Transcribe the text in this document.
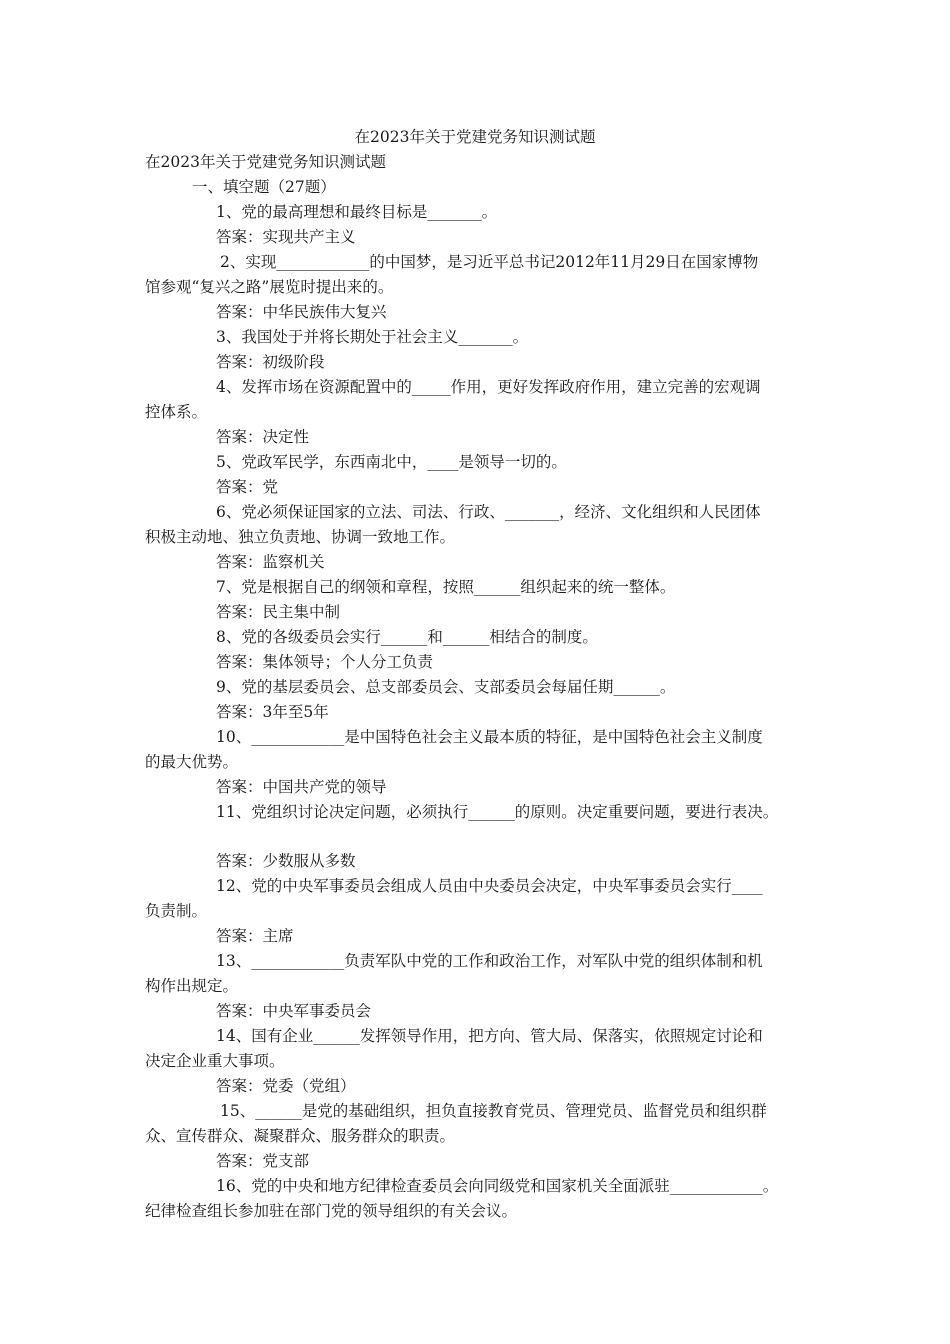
在2023年关于党建党务知识测试题

在2023年关于党建党务知识测试题

一、填空题（27题）

1、党的最高理想和最终目标是_______。

答案：实现共产主义

2、实现____________的中国梦，是习近平总书记2012年11月29日在国家博物

馆参观“复兴之路”展览时提出来的。

答案：中华民族伟大复兴

3、我国处于并将长期处于社会主义_______。

答案：初级阶段

4、发挥市场在资源配置中的_____作用，更好发挥政府作用，建立完善的宏观调

控体系。

答案：决定性

5、党政军民学，东西南北中，____是领导一切的。

答案：党

6、党必须保证国家的立法、司法、行政、_______，经济、文化组织和人民团体

积极主动地、独立负责地、协调一致地工作。

答案：监察机关

7、党是根据自己的纲领和章程，按照______组织起来的统一整体。

答案：民主集中制

8、党的各级委员会实行______和______相结合的制度。

答案：集体领导；个人分工负责

9、党的基层委员会、总支部委员会、支部委员会每届任期______。

答案：3年至5年

10、____________是中国特色社会主义最本质的特征，是中国特色社会主义制度

的最大优势。

答案：中国共产党的领导

11、党组织讨论决定问题，必须执行______的原则。决定重要问题，要进行表决。

答案：少数服从多数

12、党的中央军事委员会组成人员由中央委员会决定，中央军事委员会实行____

负责制。

答案：主席

13、____________负责军队中党的工作和政治工作，对军队中党的组织体制和机

构作出规定。

答案：中央军事委员会

14、国有企业______发挥领导作用，把方向、管大局、保落实，依照规定讨论和

决定企业重大事项。

答案：党委（党组）

15、______是党的基础组织，担负直接教育党员、管理党员、监督党员和组织群

众、宣传群众、凝聚群众、服务群众的职责。

答案：党支部

16、党的中央和地方纪律检查委员会向同级党和国家机关全面派驻____________。

纪律检查组长参加驻在部门党的领导组织的有关会议。
